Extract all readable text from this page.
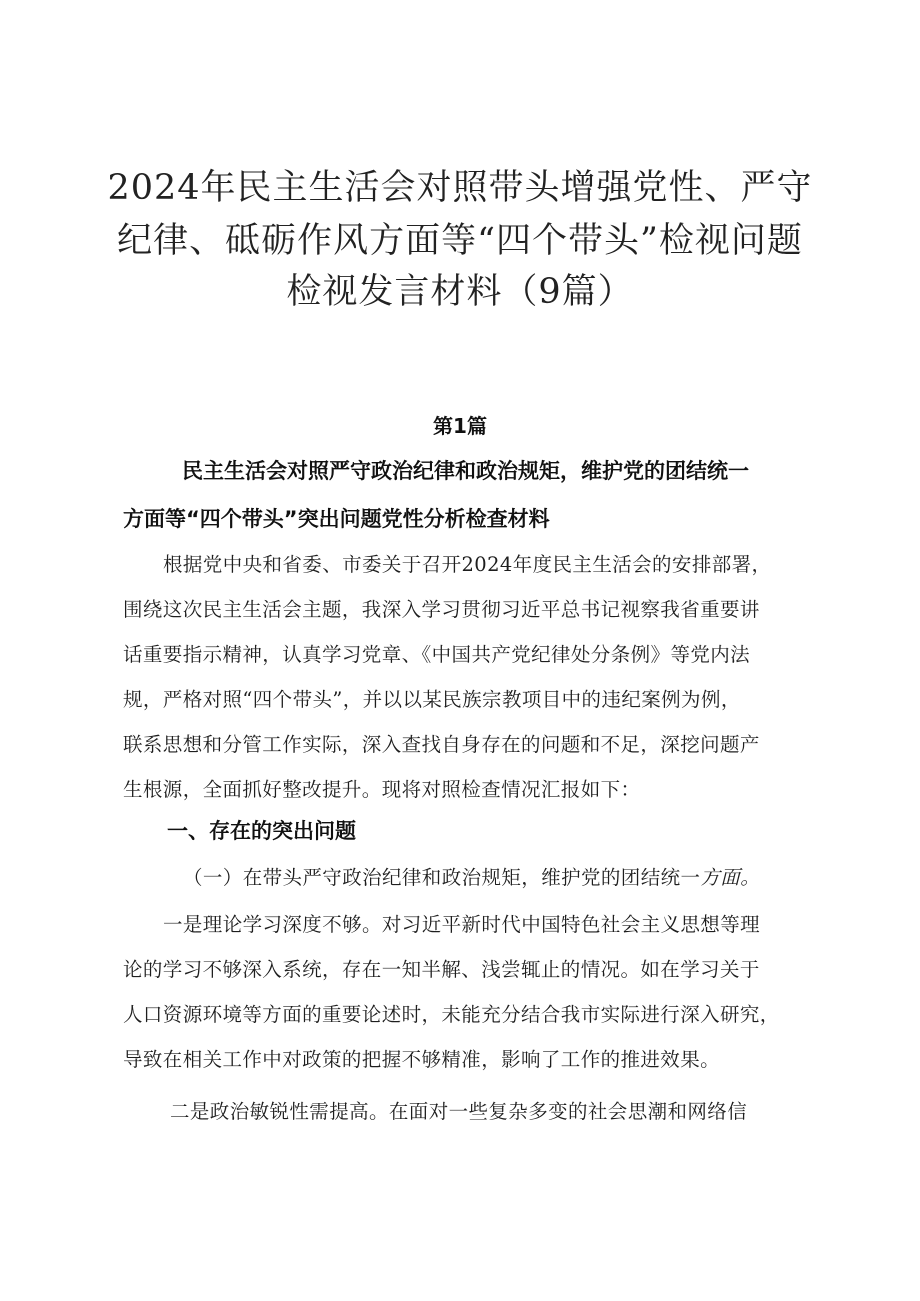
2024年民主生活会对照带头增强党性、严守
纪律、砥砺作风方面等“四个带头”检视问题
检视发言材料（9篇）
第1篇
民主生活会对照严守政治纪律和政治规矩，维护党的团结统一
方面等“四个带头”突出问题党性分析检查材料
根据党中央和省委、市委关于召开2024年度民主生活会的安排部署，
围绕这次民主生活会主题，我深入学习贯彻习近平总书记视察我省重要讲
话重要指示精神，认真学习党章、《中国共产党纪律处分条例》等党内法
规，严格对照“四个带头”，并以以某民族宗教项目中的违纪案例为例，
联系思想和分管工作实际，深入查找自身存在的问题和不足，深挖问题产
生根源，全面抓好整改提升。现将对照检查情况汇报如下：
一、存在的突出问题
（一）在带头严守政治纪律和政治规矩，维护党的团结统一方面。
一是理论学习深度不够。对习近平新时代中国特色社会主义思想等理
论的学习不够深入系统，存在一知半解、浅尝辄止的情况。如在学习关于
人口资源环境等方面的重要论述时，未能充分结合我市实际进行深入研究，
导致在相关工作中对政策的把握不够精准，影响了工作的推进效果。
二是政治敏锐性需提高。在面对一些复杂多变的社会思潮和网络信
